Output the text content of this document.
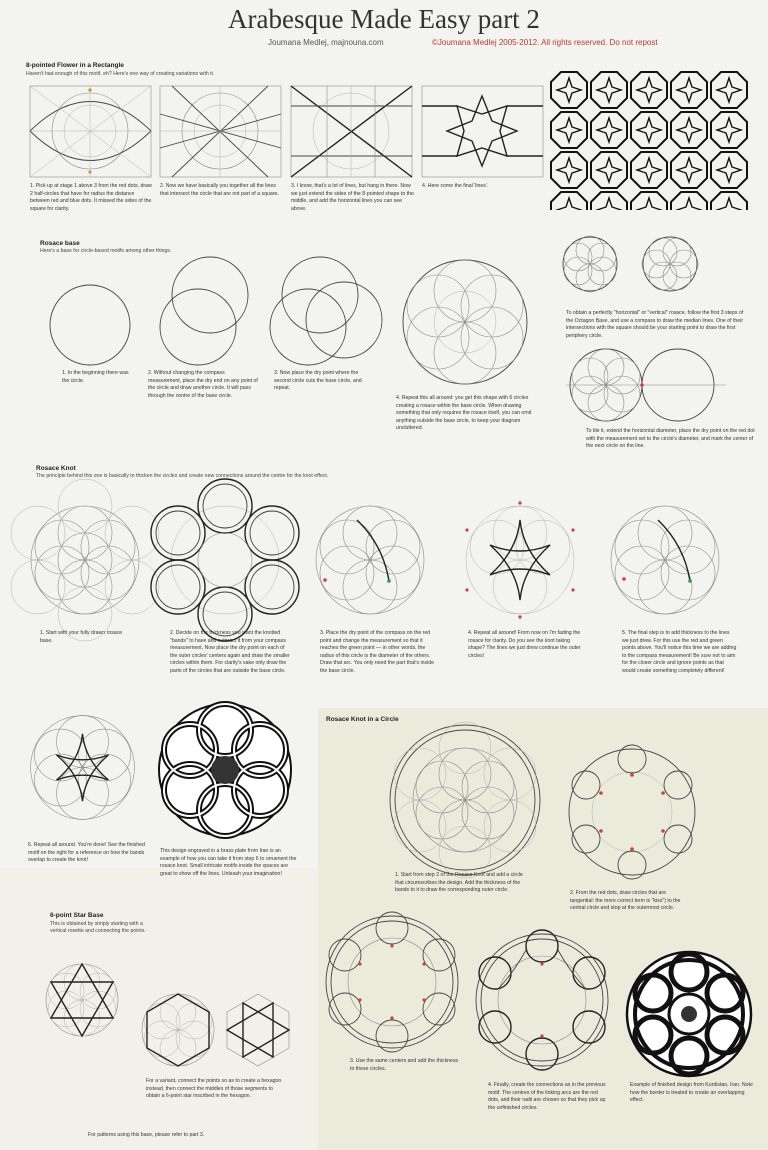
Arabesque Made Easy part 2
Joumana Medlej, majnouna.com	©Joumana Medlej 2005-2012. All rights reserved. Do not repost
8-pointed Flower in a Rectangle
Haven't had enough of this motif, eh? Here's one way of creating variations with it.
1. Pick up at stage 1 above 3 from the red dots, draw 2 half-circles that have for radius the distance between red and blue dots. It missed the sides of the square for clarity.
2. Now we have basically you together all the lines that intersect the circle that are not part of a square.
3. I know, that's a lot of lines, but hang in there. Now we just extend the sides of the 8-pointed shape to the middle, and add the horizontal lines you can see above.
4. Here come the final 'lines'.
Rosace base
Here's a base for circle-based motifs among other things.
To obtain a perfectly "horizontal" or "vertical" rosace, follow the first 3 steps of the Octagon Base, and use a compass to draw the median lines. One of their intersections with the square should be your starting point to draw the first periphery circle.
To tile it, extend the horizontal diameter, place the dry point on the red dot with the measurement set to the circle's diameter, and mark the center of the next circle on the line.
1. In the beginning there was the circle.
2. Without changing the compass measurement, place the dry end on any point of the circle and draw another circle. It will pass through the centre of the base circle.
3. Now place the dry point where the second circle cuts the base circle, and repeat.
4. Repeat this all around: you get this shape with 6 circles creating a rosace within the base circle. When drawing something that only requires the rosace itself, you can omit anything outside the base circle, to keep your diagram uncluttered.
Rosace Knot
The principle behind this one is basically to thicken the circles and create new connections around the centre for the knot effect.
1. Start with your fully drawn rosace base.
2. Decide on the thickness you want the knotted "bands" to have and subtract it from your compass measurement. Now place the dry point on each of the outer circles' centers again and draw the smaller circles within them. For clarity's sake only draw the parts of the circles that are outside the base circle.
3. Place the dry point of the compass on the red point and change the measurement so that it reaches the green point — in other words, the radius of this circle is the diameter of the others. Draw that arc. You only need the part that's inside the base circle.
4. Repeat all around! From now on I'm fading the rosace for clarity. Do you see the knot taking shape? The lines we just drew continue the outer circles!
5. The final step is to add thickness to the lines we just drew. For this use the red and green points above. You'll notice this time we are adding to the compass measurement! Be sure not to aim for the closer circle and ignore points as that would create something completely different!
6. Repeat all around. You're done! See the finished motif on the right for a reference on how the bands overlap to create the knot!
This design engraved in a brass plate from Iran is an example of how you can take it from step 6 to ornament the rosace knot. Small intricate motifs inside the spaces are great to show off the lines. Unleash your imagination!
Rosace Knot in a Circle
1. Start from step 2 of the Rosace Knot and add a circle that circumscribes the design. Add the thickness of the bands to it to draw the corresponding outer circle.	2. From the red dots, draw circles that are tangential: the more correct term is "kiss") to the central circle and stop at the outermost circle.
3. Use the same centers and add the thickness to these circles.
4. Finally, create the connections as in the previous motif. The centres of the linking arcs are the red dots, and their radii are chosen so that they pick up the unfinished circles.
Example of finished design from Kurdistan, Iran. Note how the border is treated to create an overlapping effect.
6-point Star Base
This is obtained by simply starting with a vertical rosette and connecting the points.
For a variant, connect the points so as to create a hexagon instead, then connect the middles of those segments to obtain a 6-point star inscribed in the hexagon.
For patterns using this base, please refer to part 3.
